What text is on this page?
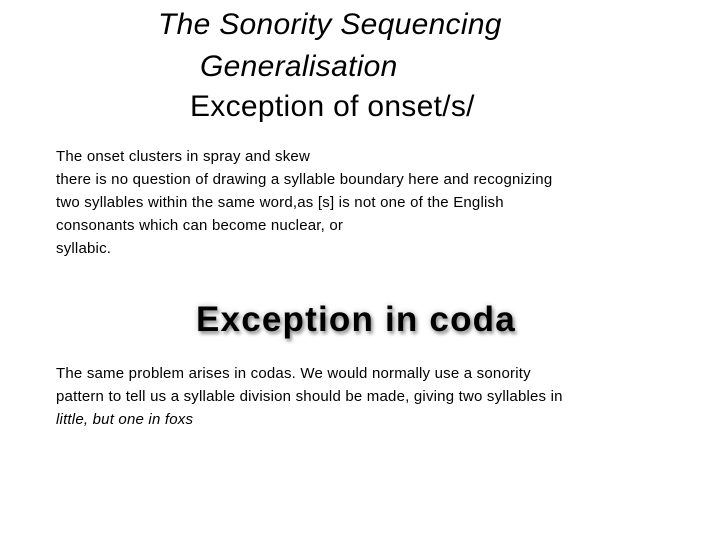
The Sonority Sequencing
Generalisation
Exception of onset/s/
The onset clusters in spray and skew
there is no question of drawing a syllable boundary here and recognizing
two syllables within the same word,as [s] is not one of the English
consonants which can become nuclear, or
syllabic.
Exception in coda
The same problem arises in codas. We would normally use a sonority
pattern to tell us a syllable division should be made, giving two syllables in
little, but one in foxs
